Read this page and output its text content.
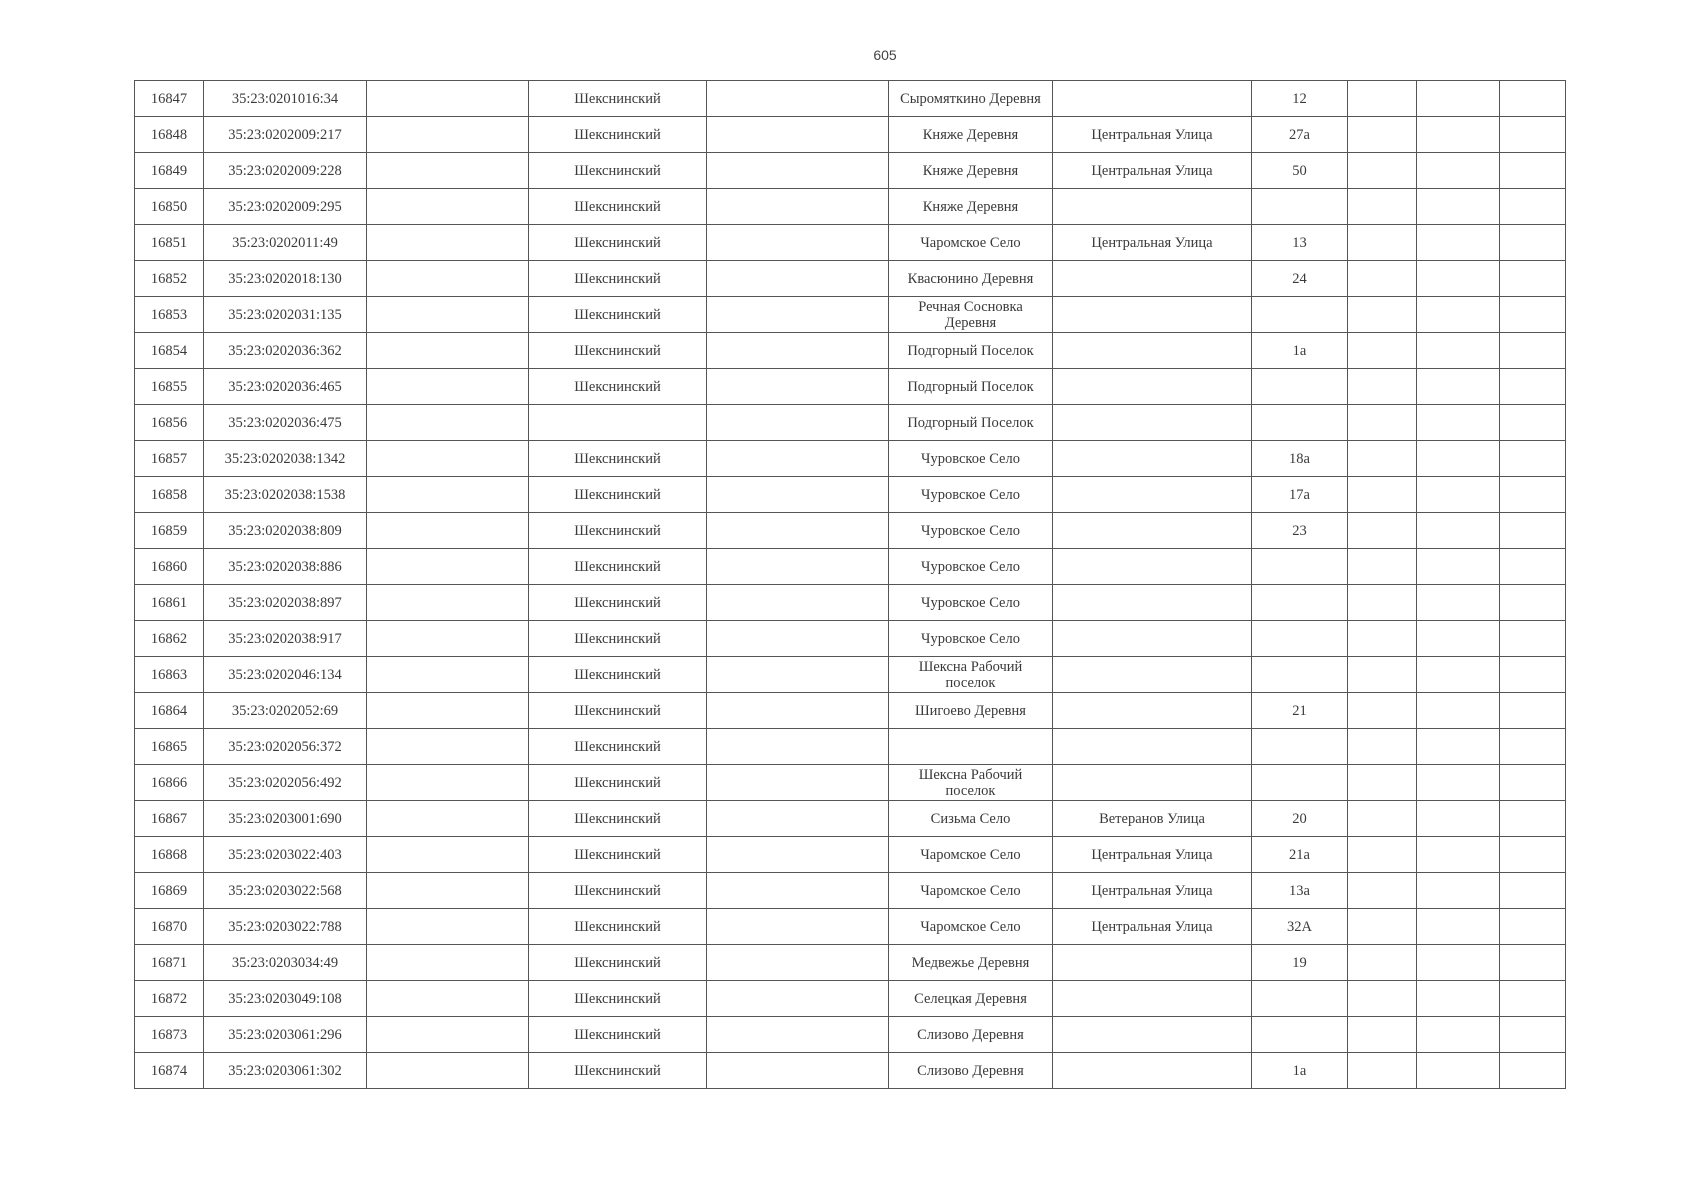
605
16847	35:23:0201016:34		Шекснинский		Сыромяткино Деревня		12			
16848	35:23:0202009:217		Шекснинский		Княже Деревня	Центральная Улица	27а			
16849	35:23:0202009:228		Шекснинский		Княже Деревня	Центральная Улица	50			
16850	35:23:0202009:295		Шекснинский		Княже Деревня					
16851	35:23:0202011:49		Шекснинский		Чаромское Село	Центральная Улица	13			
16852	35:23:0202018:130		Шекснинский		Квасюнино Деревня		24			
16853	35:23:0202031:135		Шекснинский		Речная Сосновка Деревня					
16854	35:23:0202036:362		Шекснинский		Подгорный Поселок		1а			
16855	35:23:0202036:465		Шекснинский		Подгорный Поселок					
16856	35:23:0202036:475				Подгорный Поселок					
16857	35:23:0202038:1342		Шекснинский		Чуровское Село		18а			
16858	35:23:0202038:1538		Шекснинский		Чуровское Село		17а			
16859	35:23:0202038:809		Шекснинский		Чуровское Село		23			
16860	35:23:0202038:886		Шекснинский		Чуровское Село					
16861	35:23:0202038:897		Шекснинский		Чуровское Село					
16862	35:23:0202038:917		Шекснинский		Чуровское Село					
16863	35:23:0202046:134		Шекснинский		Шексна Рабочий поселок					
16864	35:23:0202052:69		Шекснинский		Шигоево Деревня		21			
16865	35:23:0202056:372		Шекснинский							
16866	35:23:0202056:492		Шекснинский		Шексна Рабочий поселок					
16867	35:23:0203001:690		Шекснинский		Сизьма Село	Ветеранов Улица	20			
16868	35:23:0203022:403		Шекснинский		Чаромское Село	Центральная Улица	21а			
16869	35:23:0203022:568		Шекснинский		Чаромское Село	Центральная Улица	13а			
16870	35:23:0203022:788		Шекснинский		Чаромское Село	Центральная Улица	32А			
16871	35:23:0203034:49		Шекснинский		Медвежье Деревня		19			
16872	35:23:0203049:108		Шекснинский		Селецкая Деревня					
16873	35:23:0203061:296		Шекснинский		Слизово Деревня					
16874	35:23:0203061:302		Шекснинский		Слизово Деревня		1а			
